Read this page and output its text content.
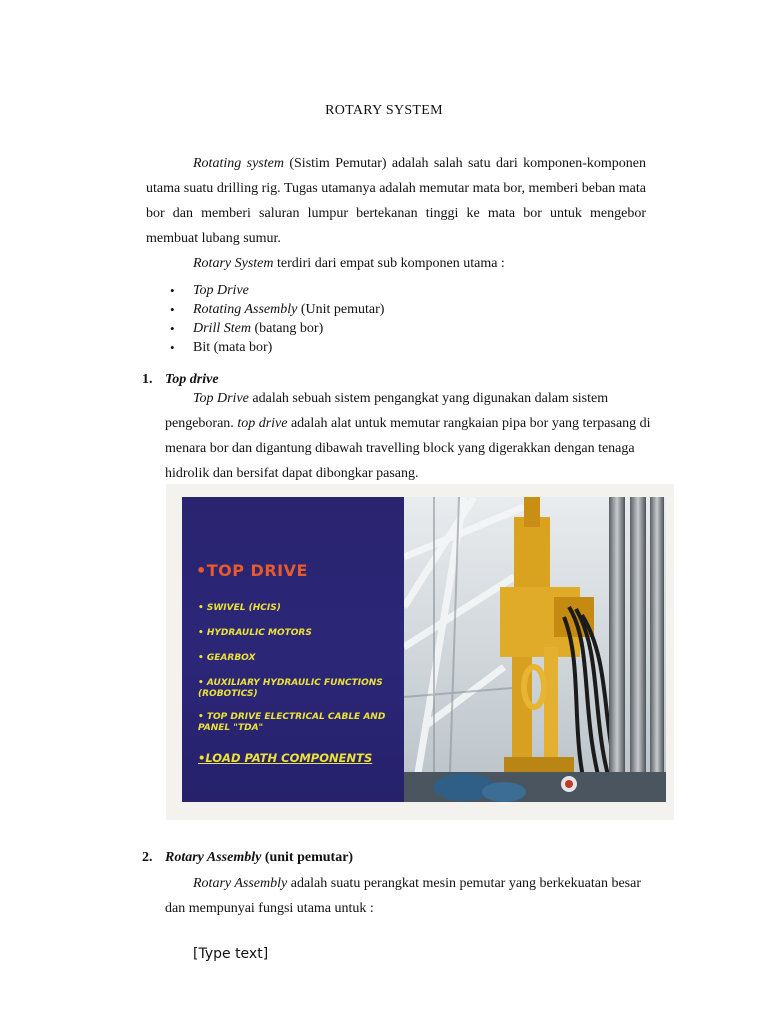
ROTARY SYSTEM
Rotating system (Sistim Pemutar) adalah salah satu dari komponen-komponen utama suatu drilling rig. Tugas utamanya adalah memutar mata bor, memberi beban mata bor dan memberi saluran lumpur bertekanan tinggi ke mata bor untuk mengebor membuat lubang sumur.
Rotary System terdiri dari empat sub komponen utama :
• Top Drive
• Rotating Assembly (Unit pemutar)
• Drill Stem (batang bor)
• Bit (mata bor)
1. Top drive
Top Drive adalah sebuah sistem pengangkat yang digunakan dalam sistem pengeboran. top drive adalah alat untuk memutar rangkaian pipa bor yang terpasang di menara bor dan digantung dibawah travelling block yang digerakkan dengan tenaga hidrolik dan bersifat dapat dibongkar pasang.
•TOP DRIVE
• SWIVEL (HCIS)
• HYDRAULIC MOTORS
• GEARBOX
• AUXILIARY HYDRAULIC FUNCTIONS (ROBOTICS)
• TOP DRIVE ELECTRICAL CABLE AND PANEL "TDA"
•LOAD PATH COMPONENTS
2. Rotary Assembly (unit pemutar)
Rotary Assembly adalah suatu perangkat mesin pemutar yang berkekuatan besar dan mempunyai fungsi utama untuk :
[Type text]
